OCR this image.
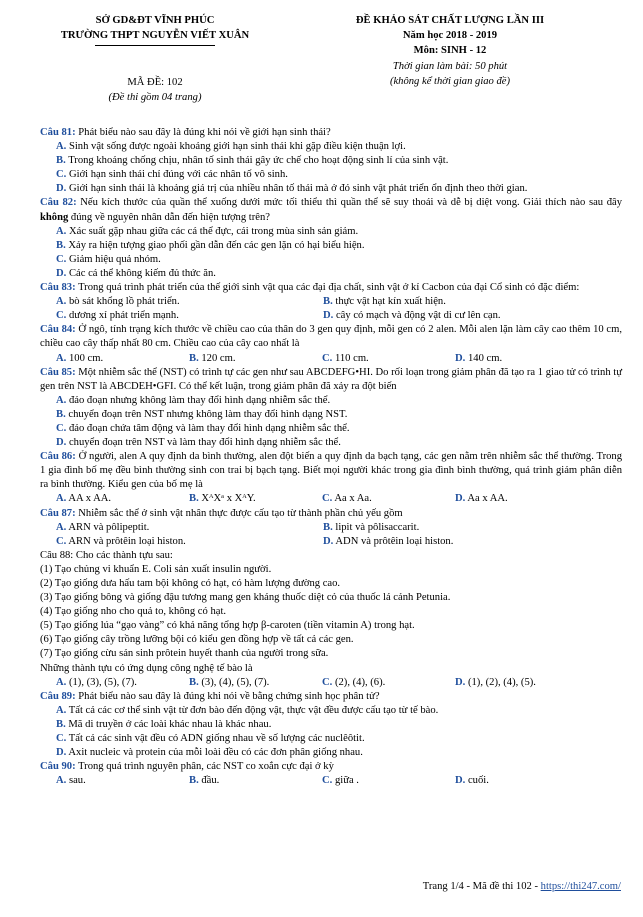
SỞ GD&ĐT VĨNH PHÚC
TRƯỜNG THPT NGUYỄN VIẾT XUÂN
MÃ ĐỀ: 102
(Đề thi gồm 04 trang)
ĐỀ KHẢO SÁT CHẤT LƯỢNG LẦN III
Năm học 2018 - 2019
Môn: SINH - 12
Thời gian làm bài: 50 phút
(không kể thời gian giao đề)
Câu 81: Phát biểu nào sau đây là đúng khi nói về giới hạn sinh thái?
A. Sinh vật sống được ngoài khoảng giới hạn sinh thái khi gặp điều kiện thuận lợi.
B. Trong khoảng chống chịu, nhân tố sinh thái gây ức chế cho hoạt động sinh lí của sinh vật.
C. Giới hạn sinh thái chỉ đúng với các nhân tố vô sinh.
D. Giới hạn sinh thái là khoảng giá trị của nhiều nhân tố thái mà ở đó sinh vật phát triển ổn định theo thời gian.
Câu 82: Nếu kích thước của quần thể xuống dưới mức tối thiểu thì quần thể sẽ suy thoái và dễ bị diệt vong. Giải thích nào sau đây không đúng về nguyên nhân dẫn đến hiện tượng trên?
A. Xác suất gặp nhau giữa các cá thể đực, cái trong mùa sinh sản giảm.
B. Xảy ra hiện tượng giao phối gần dẫn đến các gen lặn có hại biểu hiện.
C. Giảm hiệu quả nhóm.
D. Các cá thể không kiếm đủ thức ăn.
Câu 83: Trong quá trình phát triển của thế giới sinh vật qua các đại địa chất, sinh vật ở kỉ Cacbon của đại Cổ sinh có đặc điểm:
A. bò sát khổng lồ phát triển.	B. thực vật hạt kín xuất hiện.
C. dương xỉ phát triển mạnh.	D. cây có mạch và động vật di cư lên cạn.
Câu 84: Ở ngô, tính trạng kích thước về chiều cao của thân do 3 gen quy định, mỗi gen có 2 alen. Mỗi alen lặn làm cây cao thêm 10 cm, chiều cao cây thấp nhất 80 cm. Chiều cao của cây cao nhất là
A. 100 cm.	B. 120 cm.	C. 110 cm.	D. 140 cm.
Câu 85: Một nhiễm sắc thể (NST) có trình tự các gen như sau ABCDEFG•HI. Do rối loạn trong giảm phân đã tạo ra 1 giao tử có trình tự gen trên NST là ABCDEH•GFI. Có thể kết luận, trong giảm phân đã xảy ra đột biến
A. đảo đoạn nhưng không làm thay đổi hình dạng nhiễm sắc thể.
B. chuyển đoạn trên NST nhưng không làm thay đổi hình dạng NST.
C. đảo đoạn chứa tâm động và làm thay đổi hình dạng nhiễm sắc thể.
D. chuyển đoạn trên NST và làm thay đổi hình dạng nhiễm sắc thể.
Câu 86: Ở người, alen A quy định da bình thường, alen đột biến a quy định da bạch tạng, các gen nằm trên nhiễm sắc thể thường. Trong 1 gia đình bố mẹ đều bình thường sinh con trai bị bạch tạng. Biết mọi người khác trong gia đình bình thường, quá trình giảm phân diễn ra bình thường. Kiểu gen của bố mẹ là
A. AA x AA.	B. XᴬXᵃ x XᴬY.	C. Aa x Aa.	D. Aa x AA.
Câu 87: Nhiễm sắc thể ở sinh vật nhân thực được cấu tạo từ thành phần chủ yếu gồm
A. ARN và pôlipeptit.	B. lipit và pôlisaccarit.
C. ARN và prôtêin loại histon.	D. ADN và prôtêin loại histon.
Câu 88: Cho các thành tựu sau:
(1) Tạo chủng vi khuẩn E. Coli sản xuất insulin người.
(2) Tạo giống dưa hấu tam bội không có hạt, có hàm lượng đường cao.
(3) Tạo giống bông và giống đậu tương mang gen kháng thuốc diệt cỏ của thuốc lá cảnh Petunia.
(4) Tạo giống nho cho quả to, không có hạt.
(5) Tạo giống lúa “gạo vàng” có khả năng tổng hợp β-caroten (tiền vitamin A) trong hạt.
(6) Tạo giống cây trồng lưỡng bội có kiểu gen đồng hợp về tất cả các gen.
(7) Tạo giống cừu sản sinh prôtein huyết thanh của người trong sữa.
Những thành tựu có ứng dụng công nghệ tế bào là
A. (1), (3), (5), (7).	B. (3), (4), (5), (7).	C. (2), (4), (6).	D. (1), (2), (4), (5).
Câu 89: Phát biểu nào sau đây là đúng khi nói về bằng chứng sinh học phân tử?
A. Tất cả các cơ thể sinh vật từ đơn bào đến động vật, thực vật đều được cấu tạo từ tế bào.
B. Mã di truyền ở các loài khác nhau là khác nhau.
C. Tất cả các sinh vật đều có ADN giống nhau về số lượng các nuclêôtit.
D. Axit nucleic và protein của mỗi loài đều có các đơn phân giống nhau.
Câu 90: Trong quá trình nguyên phân, các NST co xoắn cực đại ở kỳ
A. sau.	B. đầu.	C. giữa .	D. cuối.
Trang 1/4 - Mã đề thi 102 - https://thi247.com/
